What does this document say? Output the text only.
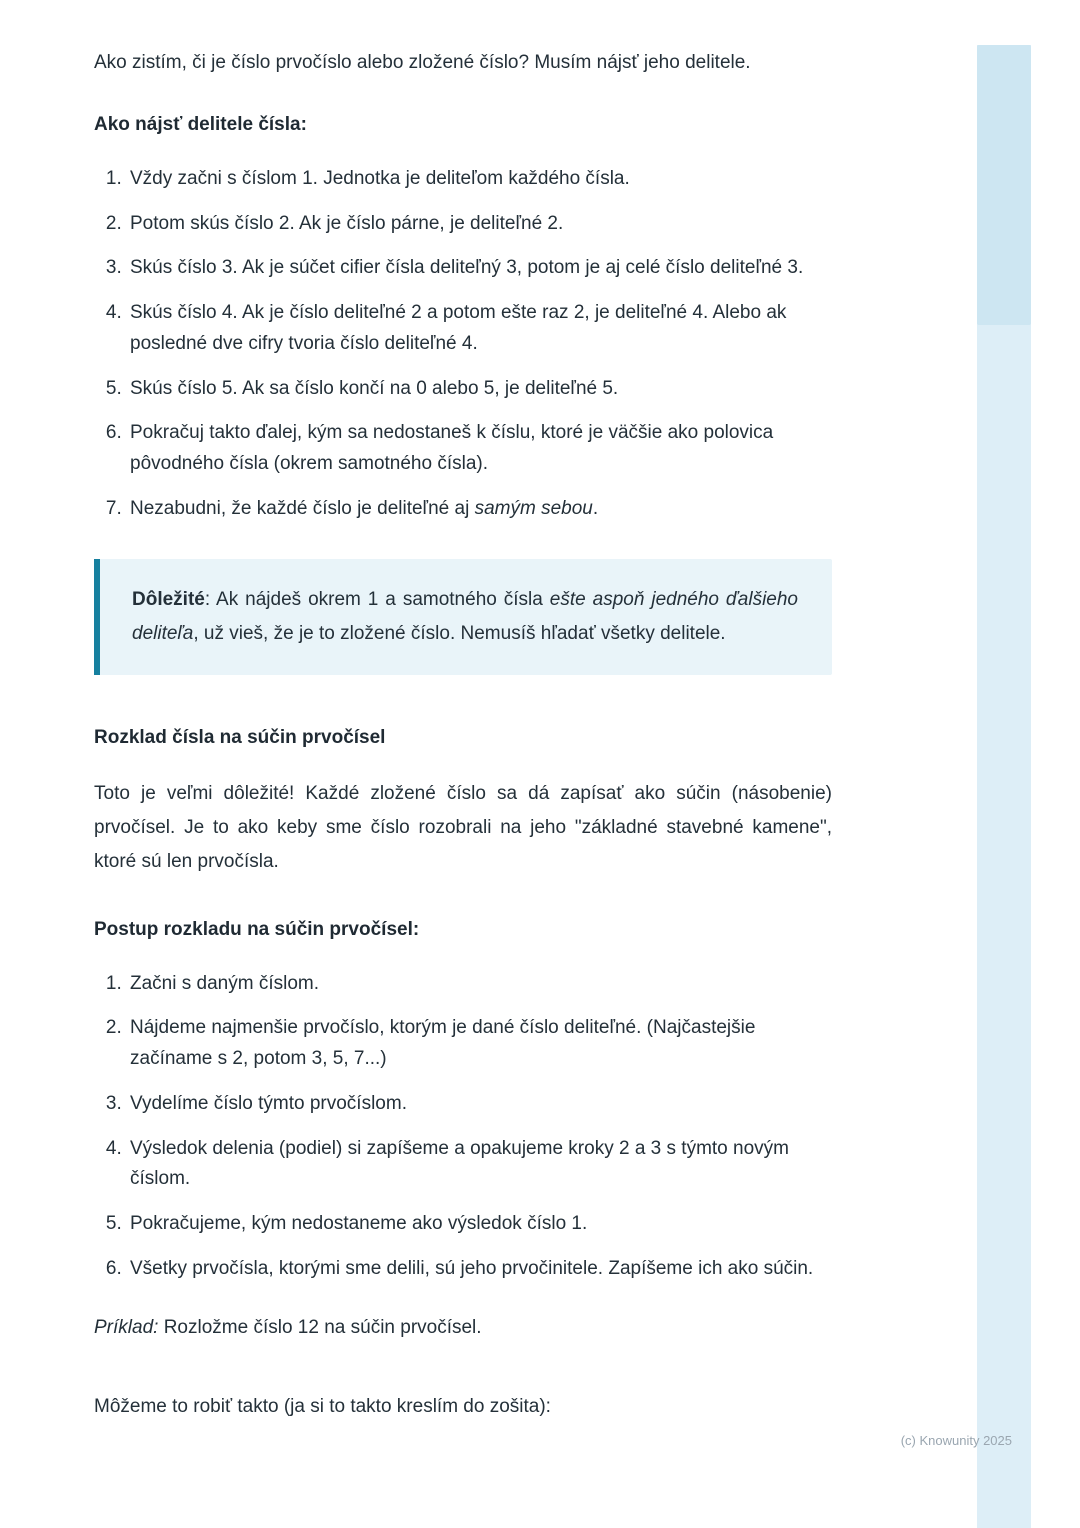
(c) Knowunity 2025

Ako zistím, či je číslo prvočíslo alebo zložené číslo? Musím nájsť jeho delitele.

Ako nájsť delitele čísla:
1. Vždy začni s číslom 1. Jednotka je deliteľom každého čísla.
2. Potom skús číslo 2. Ak je číslo párne, je deliteľné 2.
3. Skús číslo 3. Ak je súčet cifier čísla deliteľný 3, potom je aj celé číslo deliteľné 3.
4. Skús číslo 4. Ak je číslo deliteľné 2 a potom ešte raz 2, je deliteľné 4. Alebo ak posledné dve cifry tvoria číslo deliteľné 4.
5. Skús číslo 5. Ak sa číslo končí na 0 alebo 5, je deliteľné 5.
6. Pokračuj takto ďalej, kým sa nedostaneš k číslu, ktoré je väčšie ako polovica pôvodného čísla (okrem samotného čísla).
7. Nezabudni, že každé číslo je deliteľné aj samým sebou.
Dôležité: Ak nájdeš okrem 1 a samotného čísla ešte aspoň jedného ďalšieho deliteľa, už vieš, že je to zložené číslo. Nemusíš hľadať všetky delitele.
Rozklad čísla na súčin prvočísel

Toto je veľmi dôležité! Každé zložené číslo sa dá zapísať ako súčin (násobenie) prvočísel. Je to ako keby sme číslo rozobrali na jeho "základné stavebné kamene", ktoré sú len prvočísla.

Postup rozkladu na súčin prvočísel:
1. Začni s daným číslom.
2. Nájdeme najmenšie prvočíslo, ktorým je dané číslo deliteľné. (Najčastejšie začíname s 2, potom 3, 5, 7...)
3. Vydelíme číslo týmto prvočíslom.
4. Výsledok delenia (podiel) si zapíšeme a opakujeme kroky 2 a 3 s týmto novým číslom.
5. Pokračujeme, kým nedostaneme ako výsledok číslo 1.
6. Všetky prvočísla, ktorými sme delili, sú jeho prvočinitele. Zapíšeme ich ako súčin.

Príklad: Rozložme číslo 12 na súčin prvočísel.

Môžeme to robiť takto (ja si to takto kreslím do zošita):
